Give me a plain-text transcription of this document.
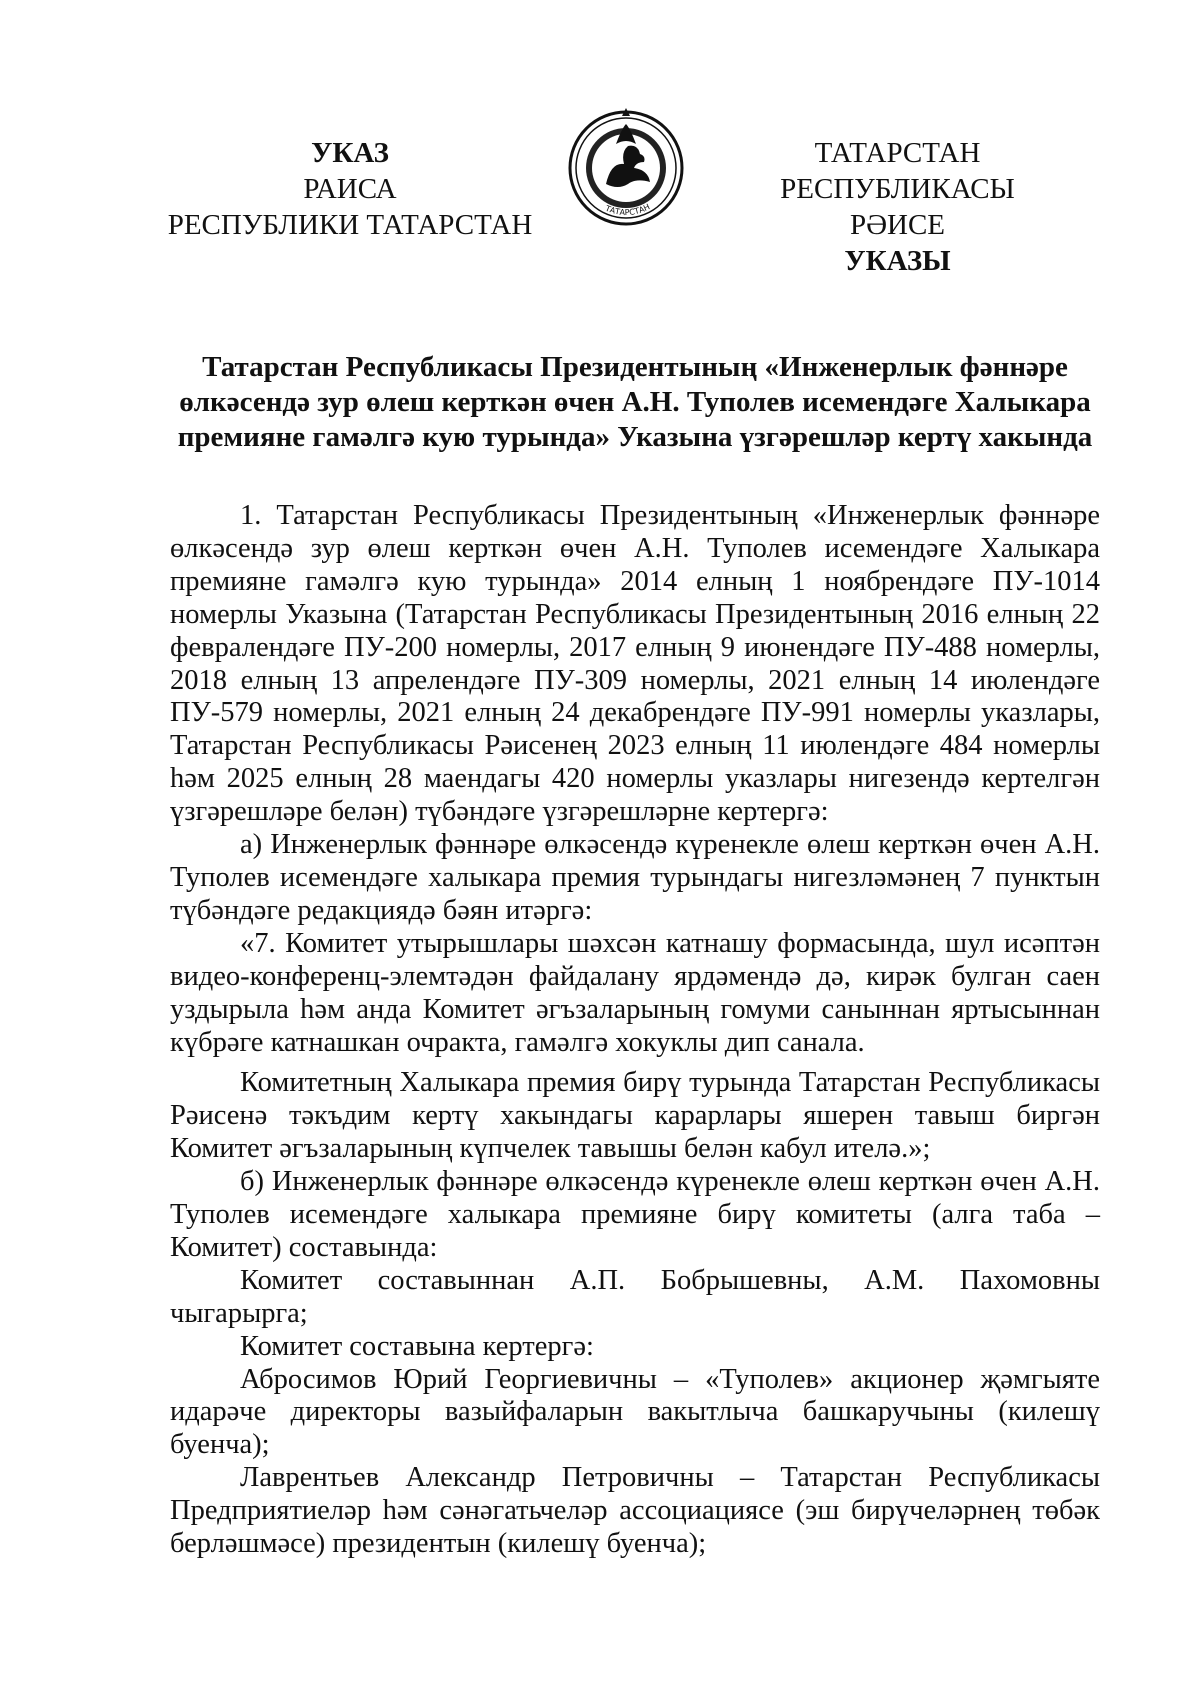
УКАЗ
РАИСА
РЕСПУБЛИКИ ТАТАРСТАН
ТАТАРСТАН
ТАТАРСТАН РЕСПУБЛИКАСЫ
РӘИСЕ
УКАЗЫ
Татарстан Республикасы Президентының «Инженерлык фәннәре
өлкәсендә зур өлеш керткән өчен А.Н. Туполев исемендәге Халыкара
премияне гамәлгә кую турында» Указына үзгәрешләр кертү хакында

1. Татарстан Республикасы Президентының «Инженерлык фәннәре өлкәсендә зур өлеш керткән өчен А.Н. Туполев исемендәге Халыкара премияне гамәлгә кую турында» 2014 елның 1 ноябрендәге ПУ-1014 номерлы Указына (Татарстан Республикасы Президентының 2016 елның 22 февралендәге ПУ-200 номерлы, 2017 елның 9 июнендәге ПУ-488 номерлы, 2018 елның 13 апрелендәге ПУ-309 номерлы, 2021 елның 14 июлендәге ПУ-579 номерлы, 2021 елның 24 декабрендәге ПУ-991 номерлы указлары, Татарстан Республикасы Рәисенең 2023 елның 11 июлендәге 484 номерлы һәм 2025 елның 28 маендагы 420 номерлы указлары нигезендә кертелгән үзгәрешләре белән) түбәндәге үзгәрешләрне кертергә:

а) Инженерлык фәннәре өлкәсендә күренекле өлеш керткән өчен А.Н. Туполев исемендәге халыкара премия турындагы нигезләмәнең 7 пунктын түбәндәге редакциядә бәян итәргә:

«7. Комитет утырышлары шәхсән катнашу формасында, шул исәптән видео-конференц-элемтәдән файдалану ярдәмендә дә, кирәк булган саен уздырыла һәм анда Комитет әгъзаларының гомуми саныннан яртысыннан күбрәге катнашкан очракта, гамәлгә хокуклы дип санала.

Комитетның Халыкара премия бирү турында Татарстан Республикасы Рәисенә тәкъдим кертү хакындагы карарлары яшерен тавыш биргән Комитет әгъзаларының күпчелек тавышы белән кабул ителә.»;

б) Инженерлык фәннәре өлкәсендә күренекле өлеш керткән өчен А.Н. Туполев исемендәге халыкара премияне бирү комитеты (алга таба – Комитет) составында:

Комитет составыннан А.П. Бобрышевны, А.М. Пахомовны чыгарырга;

Комитет составына кертергә:

Абросимов Юрий Георгиевичны – «Туполев» акционер җәмгыяте идарәче директоры вазыйфаларын вакытлыча башкаручыны (килешү буенча);

Лаврентьев Александр Петровичны – Татарстан Республикасы Предприятиеләр һәм сәнәгатьчеләр ассоциациясе (эш бирүчеләрнең төбәк берләшмәсе) президентын (килешү буенча);
